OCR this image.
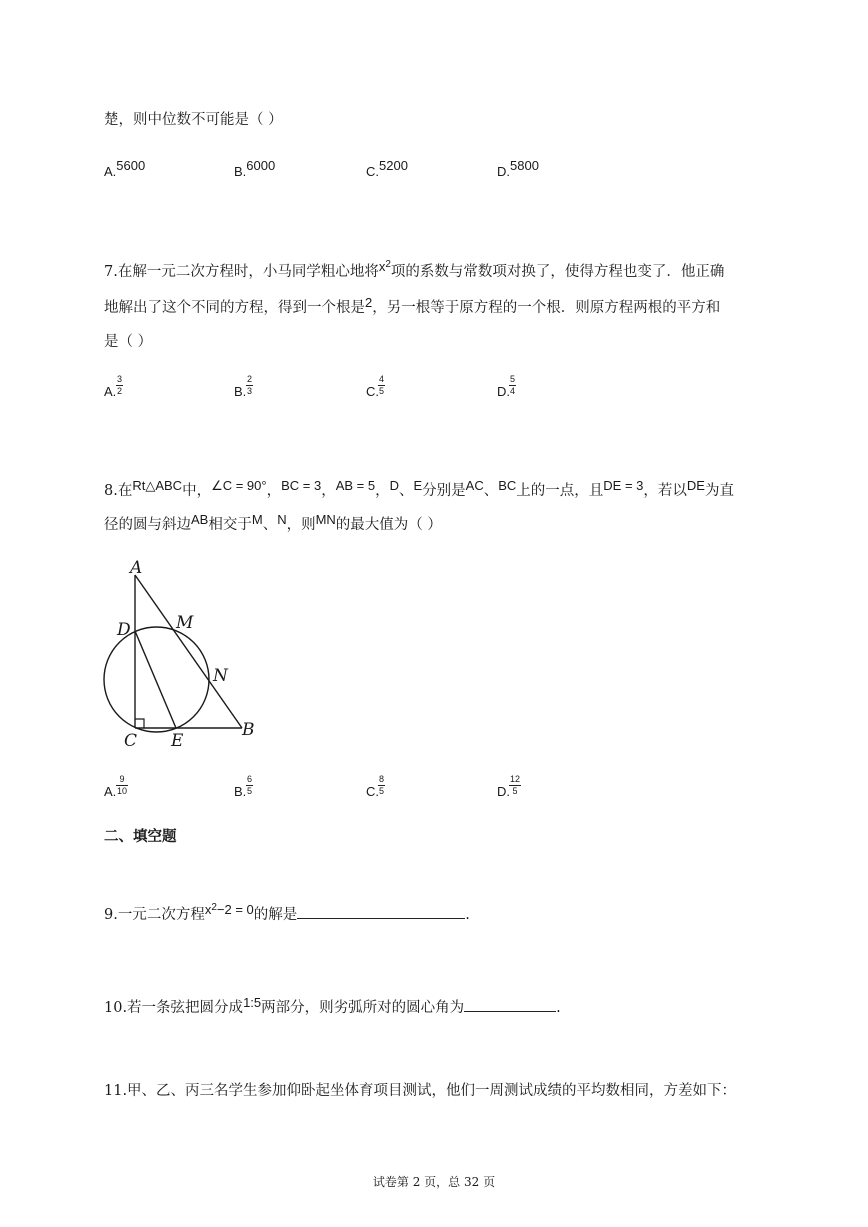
楚，则中位数不可能是（ ）
A.5600	B.6000	C.5200	D.5800
7.在解一元二次方程时，小马同学粗心地将$x^2$项的系数与常数项对换了，使得方程也变了．他正确
地解出了这个不同的方程，得到一个根是2，另一根等于原方程的一个根．则原方程两根的平方和
是（ ）
A.
3
2	B.
2
3	C.
4
5	D.
5
4
8.在Rt△ABC中，∠C = 90°，BC = 3，AB = 5，D、E分别是AC、BC上的一点，且DE = 3，若以DE为直
径的圆与斜边AB相交于M、N，则MN的最大值为（ ）
A
D	M
N
B
C E
A.
9
10	B.
6
5	C.
8
5	D.
12
5
二、填空题
9.一元二次方程$x^2-2 = 0$的解是	.
10.若一条弦把圆分成1:5两部分，则劣弧所对的圆心角为	.
11.甲、乙、丙三名学生参加仰卧起坐体育项目测试，他们一周测试成绩的平均数相同，方差如下：
试卷第 2 页，总 32 页
